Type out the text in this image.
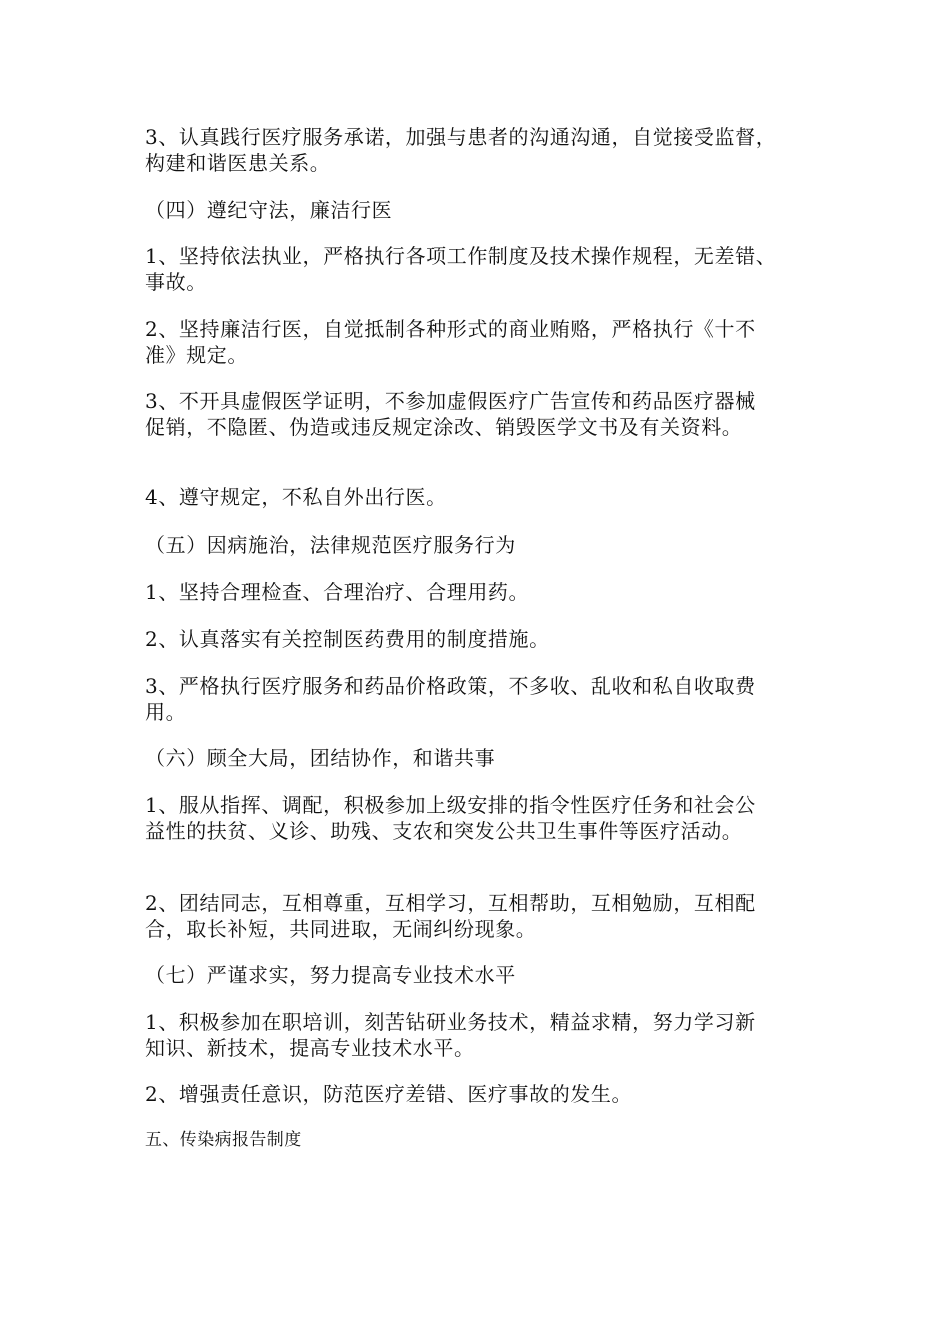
3、认真践行医疗服务承诺，加强与患者的沟通沟通，自觉接受监督，
构建和谐医患关系。

（四）遵纪守法，廉洁行医

1、坚持依法执业，严格执行各项工作制度及技术操作规程，无差错、
事故。

2、坚持廉洁行医，自觉抵制各种形式的商业贿赂，严格执行《十不
准》规定。

3、不开具虚假医学证明，不参加虚假医疗广告宣传和药品医疗器械
促销，不隐匿、伪造或违反规定涂改、销毁医学文书及有关资料。

4、遵守规定，不私自外出行医。

（五）因病施治，法律规范医疗服务行为

1、坚持合理检查、合理治疗、合理用药。

2、认真落实有关控制医药费用的制度措施。

3、严格执行医疗服务和药品价格政策，不多收、乱收和私自收取费
用。

（六）顾全大局，团结协作，和谐共事

1、服从指挥、调配，积极参加上级安排的指令性医疗任务和社会公
益性的扶贫、义诊、助残、支农和突发公共卫生事件等医疗活动。

2、团结同志，互相尊重，互相学习，互相帮助，互相勉励，互相配
合，取长补短，共同进取，无闹纠纷现象。

（七）严谨求实，努力提高专业技术水平

1、积极参加在职培训，刻苦钻研业务技术，精益求精，努力学习新
知识、新技术，提高专业技术水平。

2、增强责任意识，防范医疗差错、医疗事故的发生。

五、传染病报告制度
